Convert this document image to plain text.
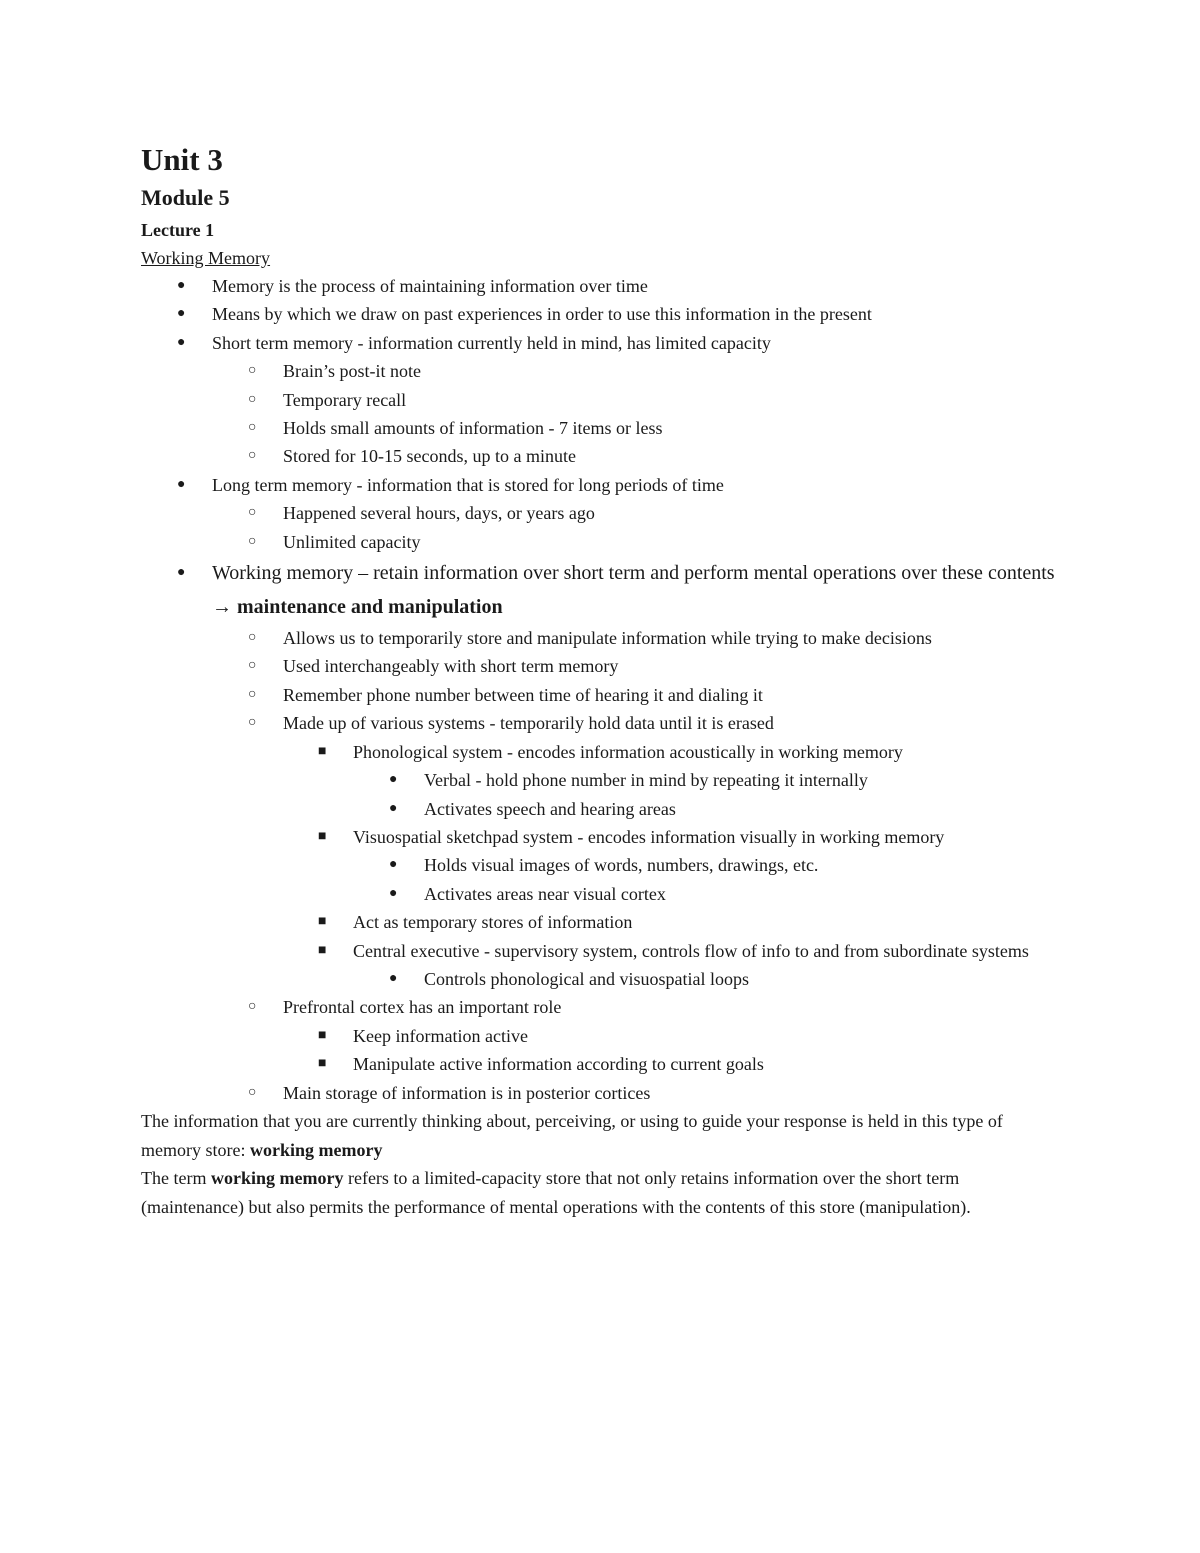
Unit 3
Module 5
Lecture 1
Working Memory
● Memory is the process of maintaining information over time
● Means by which we draw on past experiences in order to use this information in the present
● Short term memory - information currently held in mind, has limited capacity
○ Brain’s post-it note
○ Temporary recall
○ Holds small amounts of information - 7 items or less
○ Stored for 10-15 seconds, up to a minute
● Long term memory - information that is stored for long periods of time
○ Happened several hours, days, or years ago
○ Unlimited capacity
● Working memory – retain information over short term and perform mental operations over these contents → maintenance and manipulation
○ Allows us to temporarily store and manipulate information while trying to make decisions
○ Used interchangeably with short term memory
○ Remember phone number between time of hearing it and dialing it
○ Made up of various systems - temporarily hold data until it is erased
■ Phonological system - encodes information acoustically in working memory
● Verbal - hold phone number in mind by repeating it internally
● Activates speech and hearing areas
■ Visuospatial sketchpad system - encodes information visually in working memory
● Holds visual images of words, numbers, drawings, etc.
● Activates areas near visual cortex
■ Act as temporary stores of information
■ Central executive - supervisory system, controls flow of info to and from subordinate systems
● Controls phonological and visuospatial loops
○ Prefrontal cortex has an important role
■ Keep information active
■ Manipulate active information according to current goals
○ Main storage of information is in posterior cortices

The information that you are currently thinking about, perceiving, or using to guide your response is held in this type of memory store: working memory

The term working memory refers to a limited-capacity store that not only retains information over the short term (maintenance) but also permits the performance of mental operations with the contents of this store (manipulation).
